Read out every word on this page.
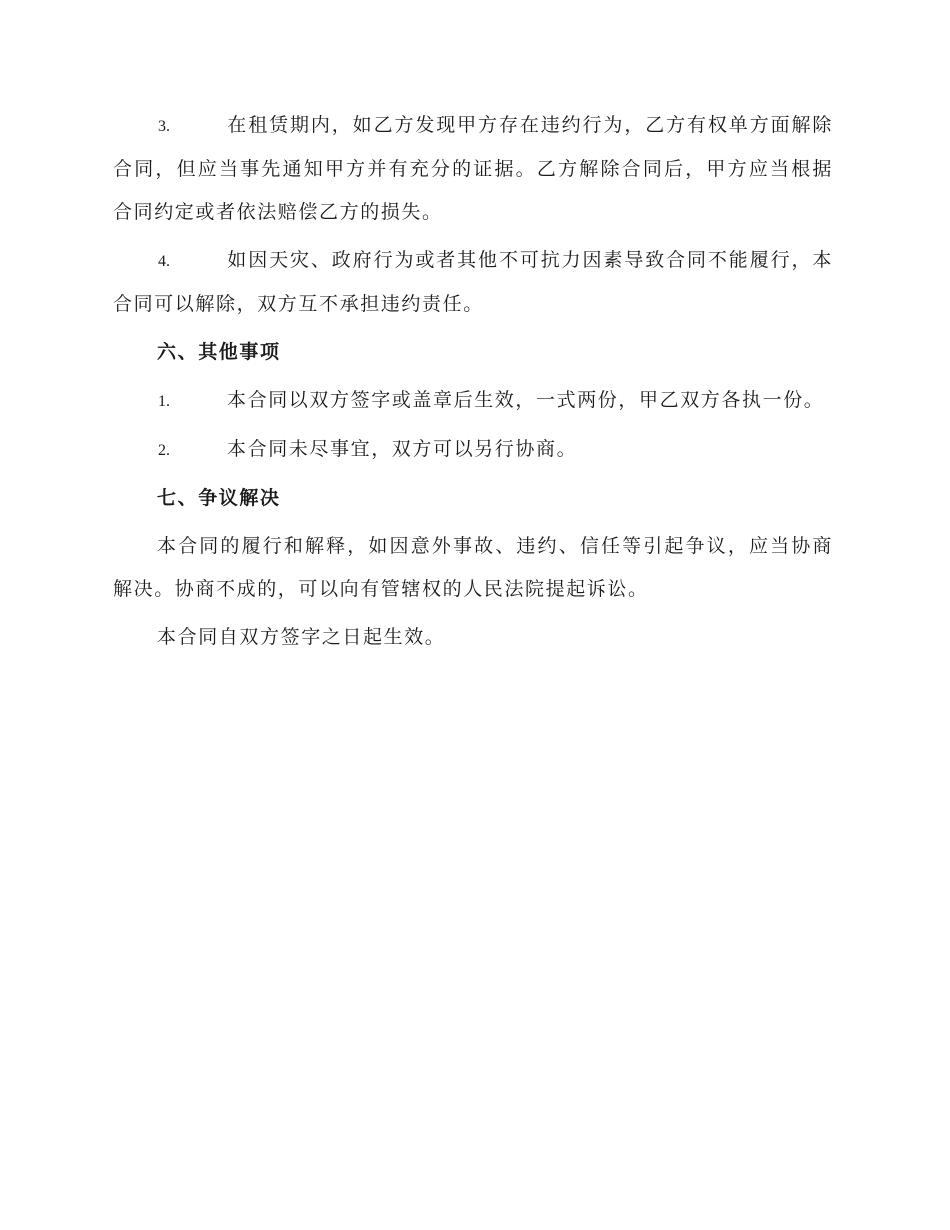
3.	在租赁期内，如乙方发现甲方存在违约行为，乙方有权单方面解除合同，但应当事先通知甲方并有充分的证据。乙方解除合同后，甲方应当根据合同约定或者依法赔偿乙方的损失。

4.	如因天灾、政府行为或者其他不可抗力因素导致合同不能履行，本合同可以解除，双方互不承担违约责任。

六、其他事项

1.	本合同以双方签字或盖章后生效，一式两份，甲乙双方各执一份。

2.	本合同未尽事宜，双方可以另行协商。

七、争议解决

本合同的履行和解释，如因意外事故、违约、信任等引起争议，应当协商解决。协商不成的，可以向有管辖权的人民法院提起诉讼。

本合同自双方签字之日起生效。
